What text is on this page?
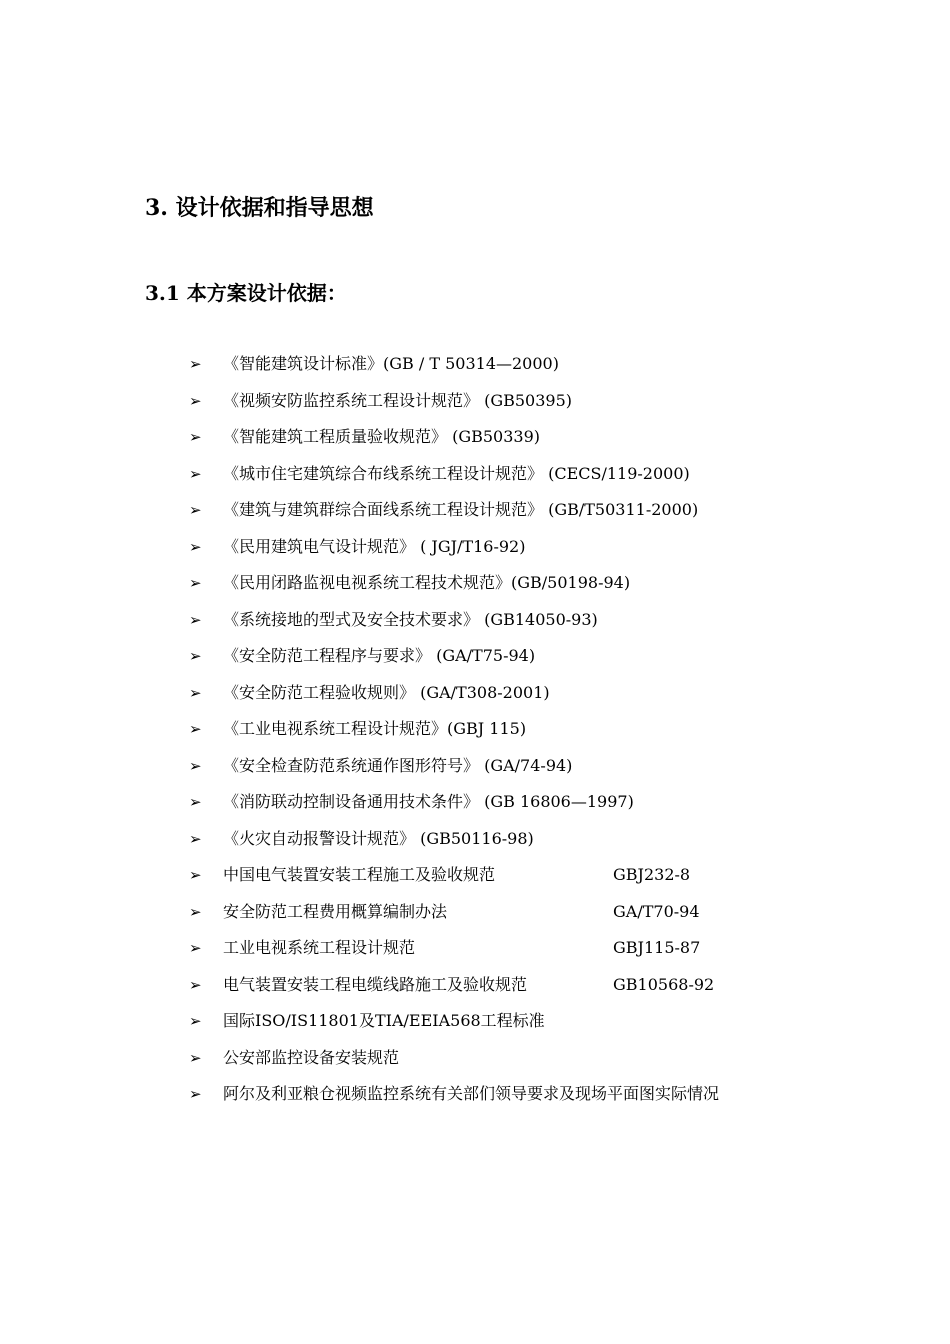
3. 设计依据和指导思想
3.1 本方案设计依据：
➢ 《智能建筑设计标准》(GB / T 50314—2000)
➢ 《视频安防监控系统工程设计规范》 (GB50395)
➢ 《智能建筑工程质量验收规范》 (GB50339)
➢ 《城市住宅建筑综合布线系统工程设计规范》 (CECS/119-2000)
➢ 《建筑与建筑群综合面线系统工程设计规范》 (GB/T50311-2000)
➢ 《民用建筑电气设计规范》 ( JGJ/T16-92)
➢ 《民用闭路监视电视系统工程技术规范》(GB/50198-94)
➢ 《系统接地的型式及安全技术要求》 (GB14050-93)
➢ 《安全防范工程程序与要求》 (GA/T75-94)
➢ 《安全防范工程验收规则》 (GA/T308-2001)
➢ 《工业电视系统工程设计规范》(GBJ 115)
➢ 《安全检查防范系统通作图形符号》 (GA/74-94)
➢ 《消防联动控制设备通用技术条件》 (GB 16806—1997)
➢ 《火灾自动报警设计规范》 (GB50116-98)
➢ 中国电气装置安装工程施工及验收规范	GBJ232-8
➢ 安全防范工程费用概算编制办法	GA/T70-94
➢ 工业电视系统工程设计规范	GBJ115-87
➢ 电气装置安装工程电缆线路施工及验收规范	GB10568-92
➢ 国际ISO/IS11801及TIA/EEIA568工程标准
➢ 公安部监控设备安装规范
➢ 阿尔及利亚粮仓视频监控系统有关部们领导要求及现场平面图实际情况
